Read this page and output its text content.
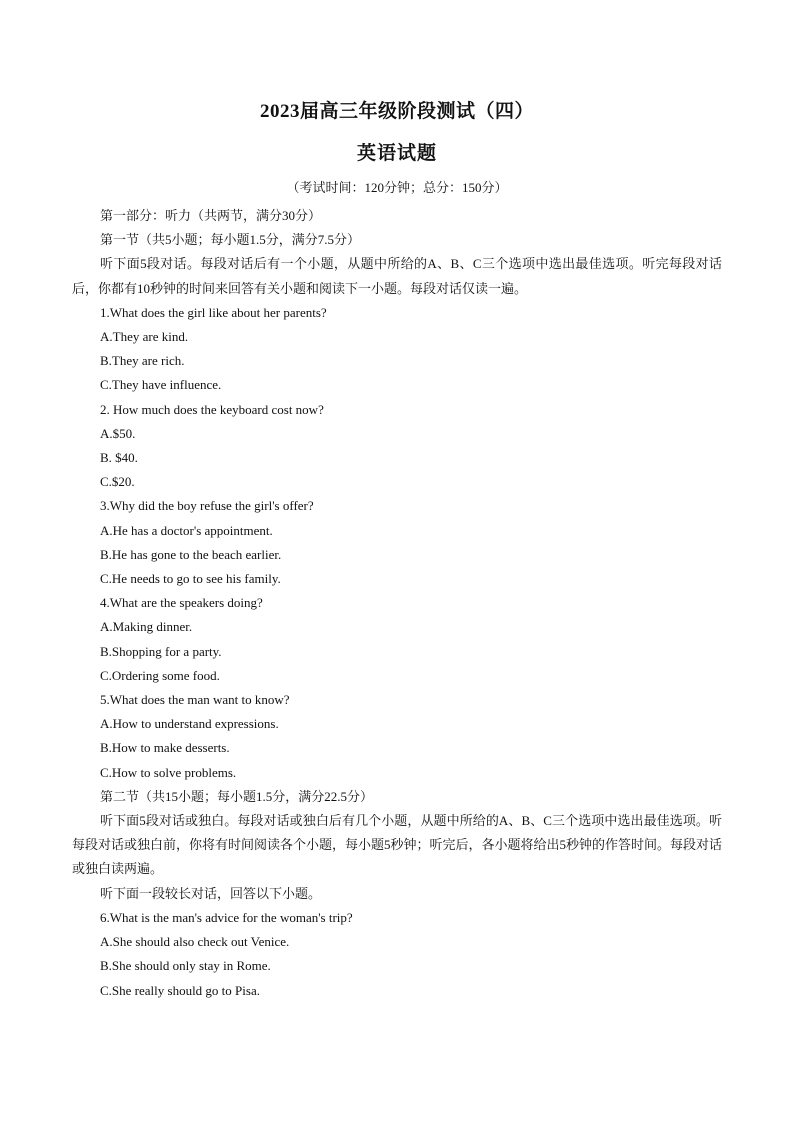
2023届高三年级阶段测试（四）
英语试题
（考试时间：120分钟；总分：150分）

第一部分：听力（共两节，满分30分）

第一节（共5小题；每小题1.5分，满分7.5分）

听下面5段对话。每段对话后有一个小题，从题中所给的A、B、C三个选项中选出最佳选项。听完每段对话后，你都有10秒钟的时间来回答有关小题和阅读下一小题。每段对话仅读一遍。

1.What does the girl like about her parents?

A.They are kind.

B.They are rich.

C.They have influence.

2. How much does the keyboard cost now?

A.$50.

B. $40.

C.$20.

3.Why did the boy refuse the girl's offer?

A.He has a doctor's appointment.

B.He has gone to the beach earlier.

C.He needs to go to see his family.

4.What are the speakers doing?

A.Making dinner.

B.Shopping for a party.

C.Ordering some food.

5.What does the man want to know?

A.How to understand expressions.

B.How to make desserts.

C.How to solve problems.

第二节（共15小题；每小题1.5分，满分22.5分）

听下面5段对话或独白。每段对话或独白后有几个小题，从题中所给的A、B、C三个选项中选出最佳选项。听每段对话或独白前，你将有时间阅读各个小题，每小题5秒钟；听完后，各小题将给出5秒钟的作答时间。每段对话或独白读两遍。

听下面一段较长对话，回答以下小题。

6.What is the man's advice for the woman's trip?

A.She should also check out Venice.

B.She should only stay in Rome.

C.She really should go to Pisa.
